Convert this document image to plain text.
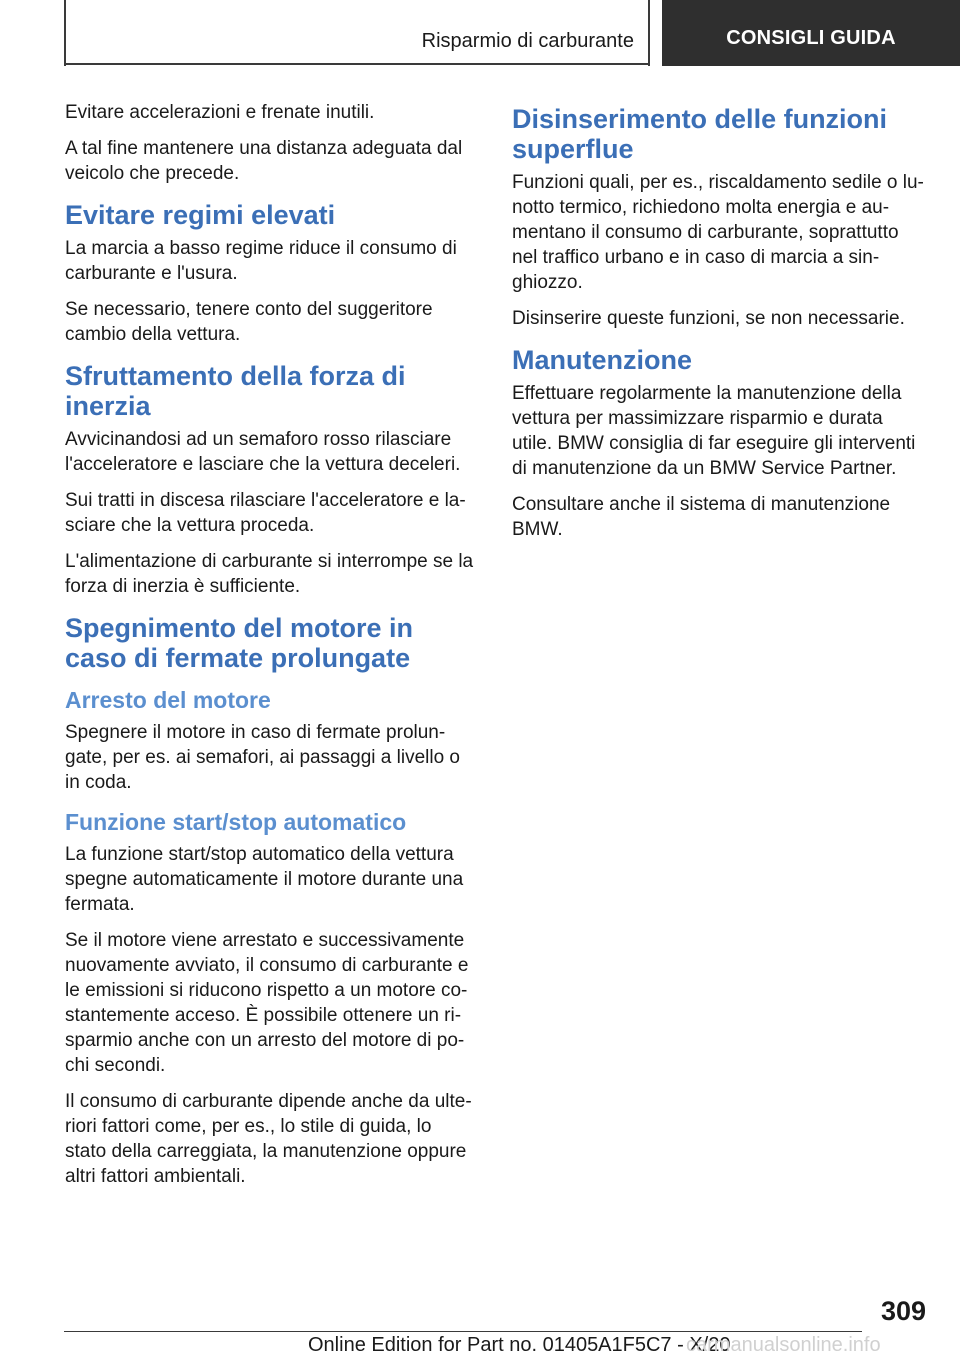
Risparmio di carburante	CONSIGLI GUIDA

Evitare accelerazioni e frenate inutili.

A tal fine mantenere una distanza adeguata dal veicolo che precede.

Evitare regimi elevati

La marcia a basso regime riduce il consumo di carburante e l'usura.

Se necessario, tenere conto del suggeritore cambio della vettura.

Sfruttamento della forza di inerzia

Avvicinandosi ad un semaforo rosso rilasciare l'acceleratore e lasciare che la vettura deceleri.

Sui tratti in discesa rilasciare l'acceleratore e la-sciare che la vettura proceda.

L'alimentazione di carburante si interrompe se la forza di inerzia è sufficiente.

Spegnimento del motore in caso di fermate prolungate
Arresto del motore

Spegnere il motore in caso di fermate prolun-gate, per es. ai semafori, ai passaggi a livello o in coda.

Funzione start/stop automatico

La funzione start/stop automatico della vettura spegne automaticamente il motore durante una fermata.

Se il motore viene arrestato e successivamente nuovamente avviato, il consumo di carburante e le emissioni si riducono rispetto a un motore co-stantemente acceso. È possibile ottenere un ri-sparmio anche con un arresto del motore di po-chi secondi.

Il consumo di carburante dipende anche da ulte-riori fattori come, per es., lo stile di guida, lo stato della carreggiata, la manutenzione oppure altri fattori ambientali.

Disinserimento delle funzioni superflue

Funzioni quali, per es., riscaldamento sedile o lu-notto termico, richiedono molta energia e au-mentano il consumo di carburante, soprattutto nel traffico urbano e in caso di marcia a sin-ghiozzo.

Disinserire queste funzioni, se non necessarie.

Manutenzione

Effettuare regolarmente la manutenzione della vettura per massimizzare risparmio e durata utile. BMW consiglia di far eseguire gli interventi di manutenzione da un BMW Service Partner.

Consultare anche il sistema di manutenzione BMW.

309
Online Edition for Part no. 01405A1F5C7 - X/20
carmanualsonline.info
